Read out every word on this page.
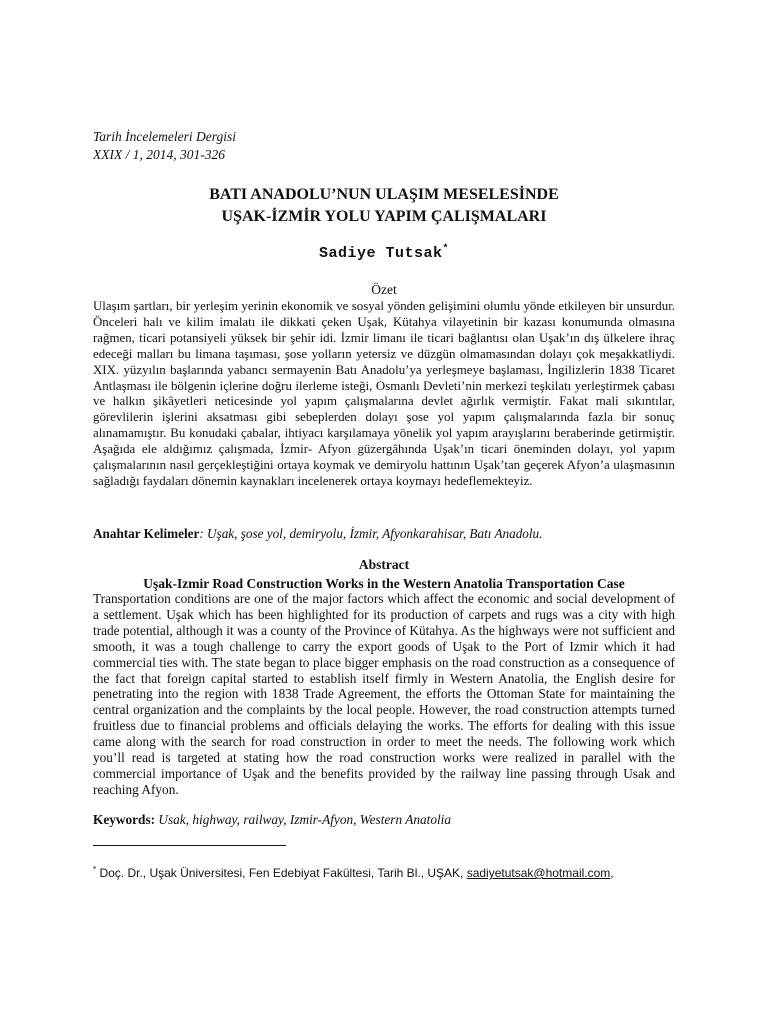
Tarih İncelemeleri Dergisi
XXIX / 1, 2014, 301-326
BATI ANADOLU’NUN ULAŞIM MESELESİNDE
UŞAK-İZMİR YOLU YAPIM ÇALIŞMALARI
Sadiye Tutsak*
Özet

Ulaşım şartları, bir yerleşim yerinin ekonomik ve sosyal yönden gelişimini olumlu yönde etkileyen bir unsurdur. Önceleri halı ve kilim imalatı ile dikkati çeken Uşak, Kütahya vilayetinin bir kazası konumunda olmasına rağmen, ticari potansiyeli yüksek bir şehir idi. İzmir limanı ile ticari bağlantısı olan Uşak’ın dış ülkelere ihraç edeceği malları bu limana taşıması, şose yolların yetersiz ve düzgün olmamasından dolayı çok meşakkatliydi. XIX. yüzyılın başlarında yabancı sermayenin Batı Anadolu’ya yerleşmeye başlaması, İngilizlerin 1838 Ticaret Antlaşması ile bölgenin içlerine doğru ilerleme isteği, Osmanlı Devleti’nin merkezi teşkilatı yerleştirmek çabası ve halkın şikâyetleri neticesinde yol yapım çalışmalarına devlet ağırlık vermiştir. Fakat mali sıkıntılar, görevlilerin işlerini aksatması gibi sebeplerden dolayı şose yol yapım çalışmalarında fazla bir sonuç alınamamıştır. Bu konudaki çabalar, ihtiyacı karşılamaya yönelik yol yapım arayışlarını beraberinde getirmiştir. Aşağıda ele aldığımız çalışmada, İzmir- Afyon güzergâhında Uşak’ın ticari öneminden dolayı, yol yapım çalışmalarının nasıl gerçekleştiğini ortaya koymak ve demiryolu hattının Uşak’tan geçerek Afyon’a ulaşmasının sağladığı faydaları dönemin kaynakları incelenerek ortaya koymayı hedeflemekteyiz.

Anahtar Kelimeler: Uşak, şose yol, demiryolu, İzmir, Afyonkarahisar, Batı Anadolu.
Abstract
Uşak-Izmir Road Construction Works in the Western Anatolia Transportation Case

Transportation conditions are one of the major factors which affect the economic and social development of a settlement. Uşak which has been highlighted for its production of carpets and rugs was a city with high trade potential, although it was a county of the Province of Kütahya. As the highways were not sufficient and smooth, it was a tough challenge to carry the export goods of Uşak to the Port of Izmir which it had commercial ties with. The state began to place bigger emphasis on the road construction as a consequence of the fact that foreign capital started to establish itself firmly in Western Anatolia, the English desire for penetrating into the region with 1838 Trade Agreement, the efforts the Ottoman State for maintaining the central organization and the complaints by the local people. However, the road construction attempts turned fruitless due to financial problems and officials delaying the works. The efforts for dealing with this issue came along with the search for road construction in order to meet the needs. The following work which you’ll read is targeted at stating how the road construction works were realized in parallel with the commercial importance of Uşak and the benefits provided by the railway line passing through Usak and reaching Afyon.

Keywords: Usak, highway, railway, Izmir-Afyon, Western Anatolia
* Doç. Dr., Uşak Üniversitesi, Fen Edebiyat Fakültesi, Tarih Bl., UŞAK, sadiyetutsak@hotmail.com,
